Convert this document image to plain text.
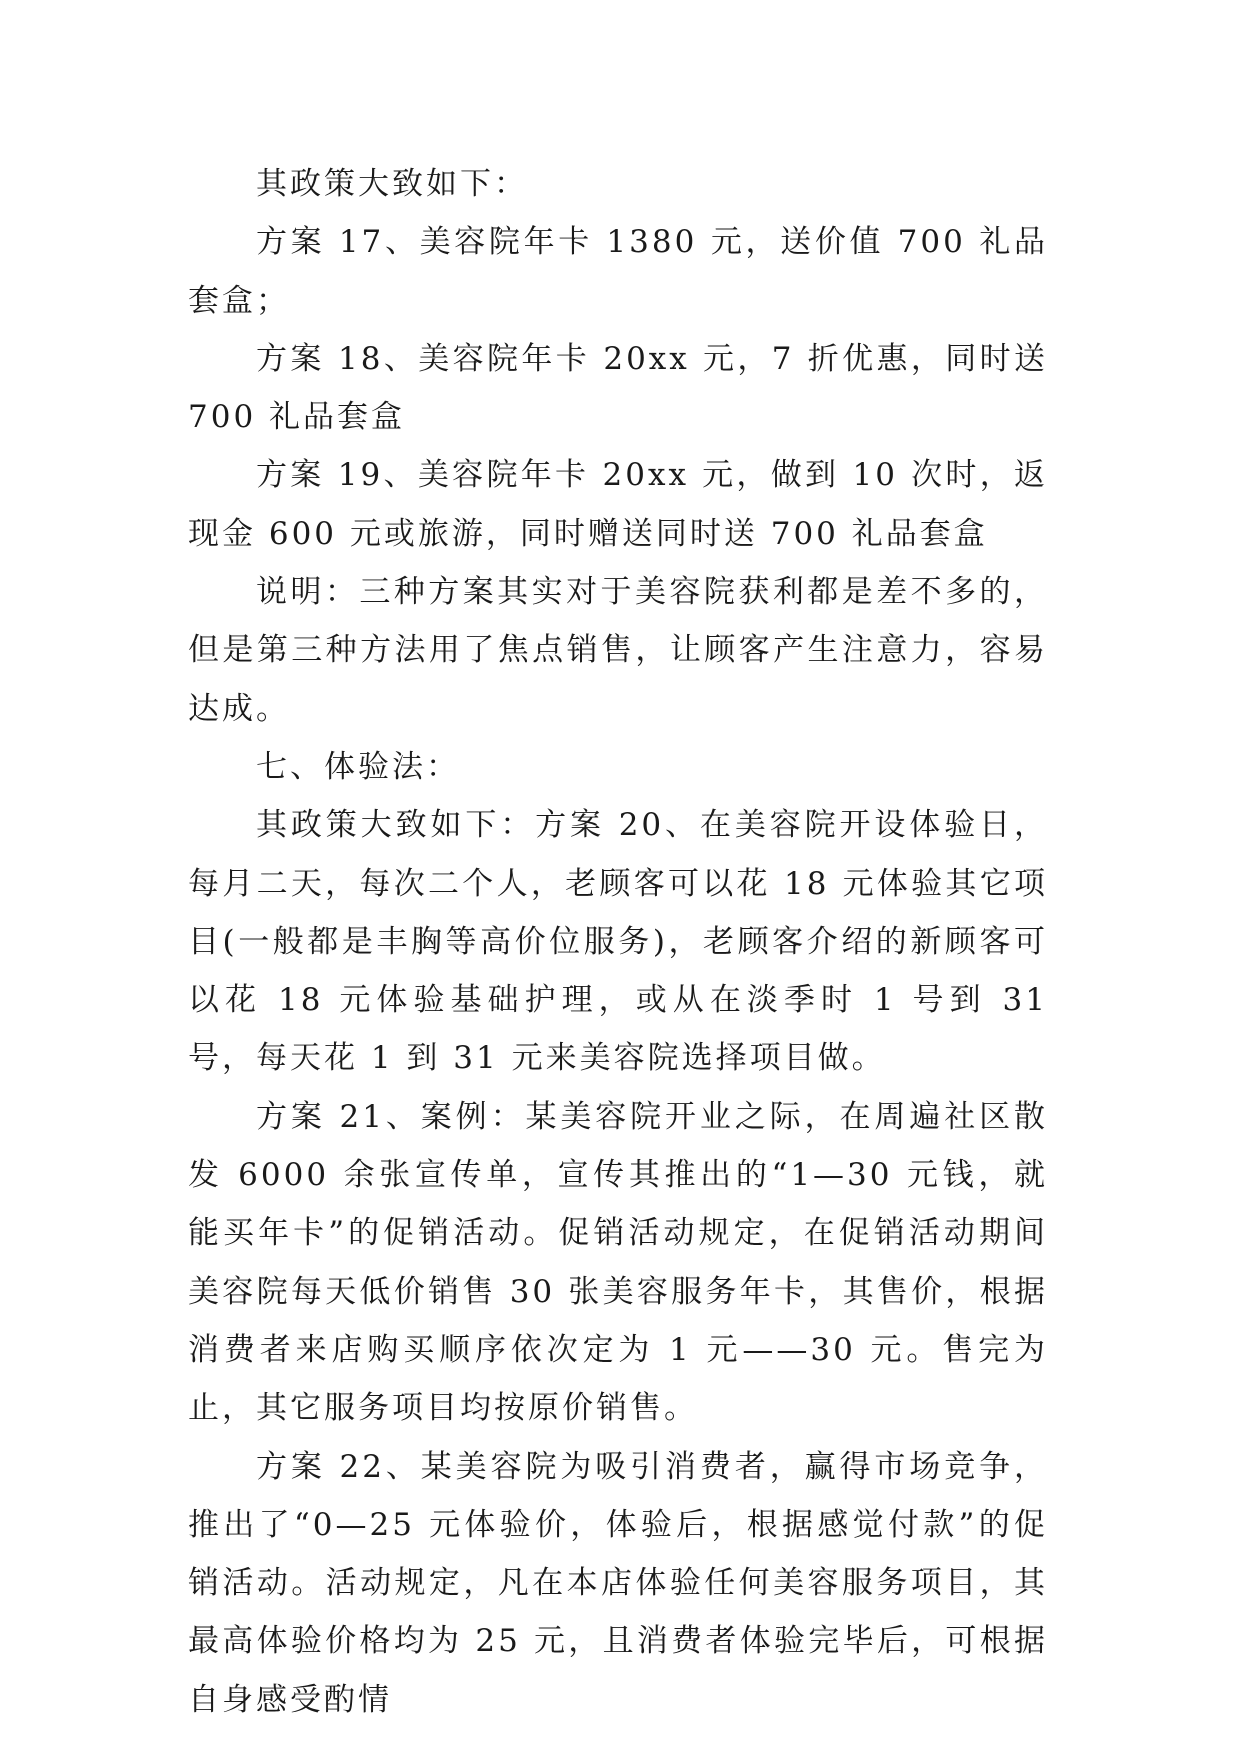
其政策大致如下：

方案 17、美容院年卡 1380 元，送价值 700 礼品套盒；

方案 18、美容院年卡 20xx 元，7 折优惠，同时送 700 礼品套盒

方案 19、美容院年卡 20xx 元，做到 10 次时，返现金 600 元或旅游，同时赠送同时送 700 礼品套盒

说明：三种方案其实对于美容院获利都是差不多的，但是第三种方法用了焦点销售，让顾客产生注意力，容易达成。

七、体验法：

其政策大致如下：方案 20、在美容院开设体验日，每月二天，每次二个人，老顾客可以花 18 元体验其它项目(一般都是丰胸等高价位服务)，老顾客介绍的新顾客可以花 18 元体验基础护理，或从在淡季时 1 号到 31 号，每天花 1 到 31 元来美容院选择项目做。

方案 21、案例：某美容院开业之际，在周遍社区散发 6000 余张宣传单，宣传其推出的“1—30 元钱，就能买年卡”的促销活动。促销活动规定，在促销活动期间美容院每天低价销售 30 张美容服务年卡，其售价，根据消费者来店购买顺序依次定为 1 元——30 元。售完为止，其它服务项目均按原价销售。

方案 22、某美容院为吸引消费者，赢得市场竞争，推出了“0—25 元体验价，体验后，根据感觉付款”的促销活动。活动规定，凡在本店体验任何美容服务项目，其最高体验价格均为 25 元，且消费者体验完毕后，可根据自身感受酌情
